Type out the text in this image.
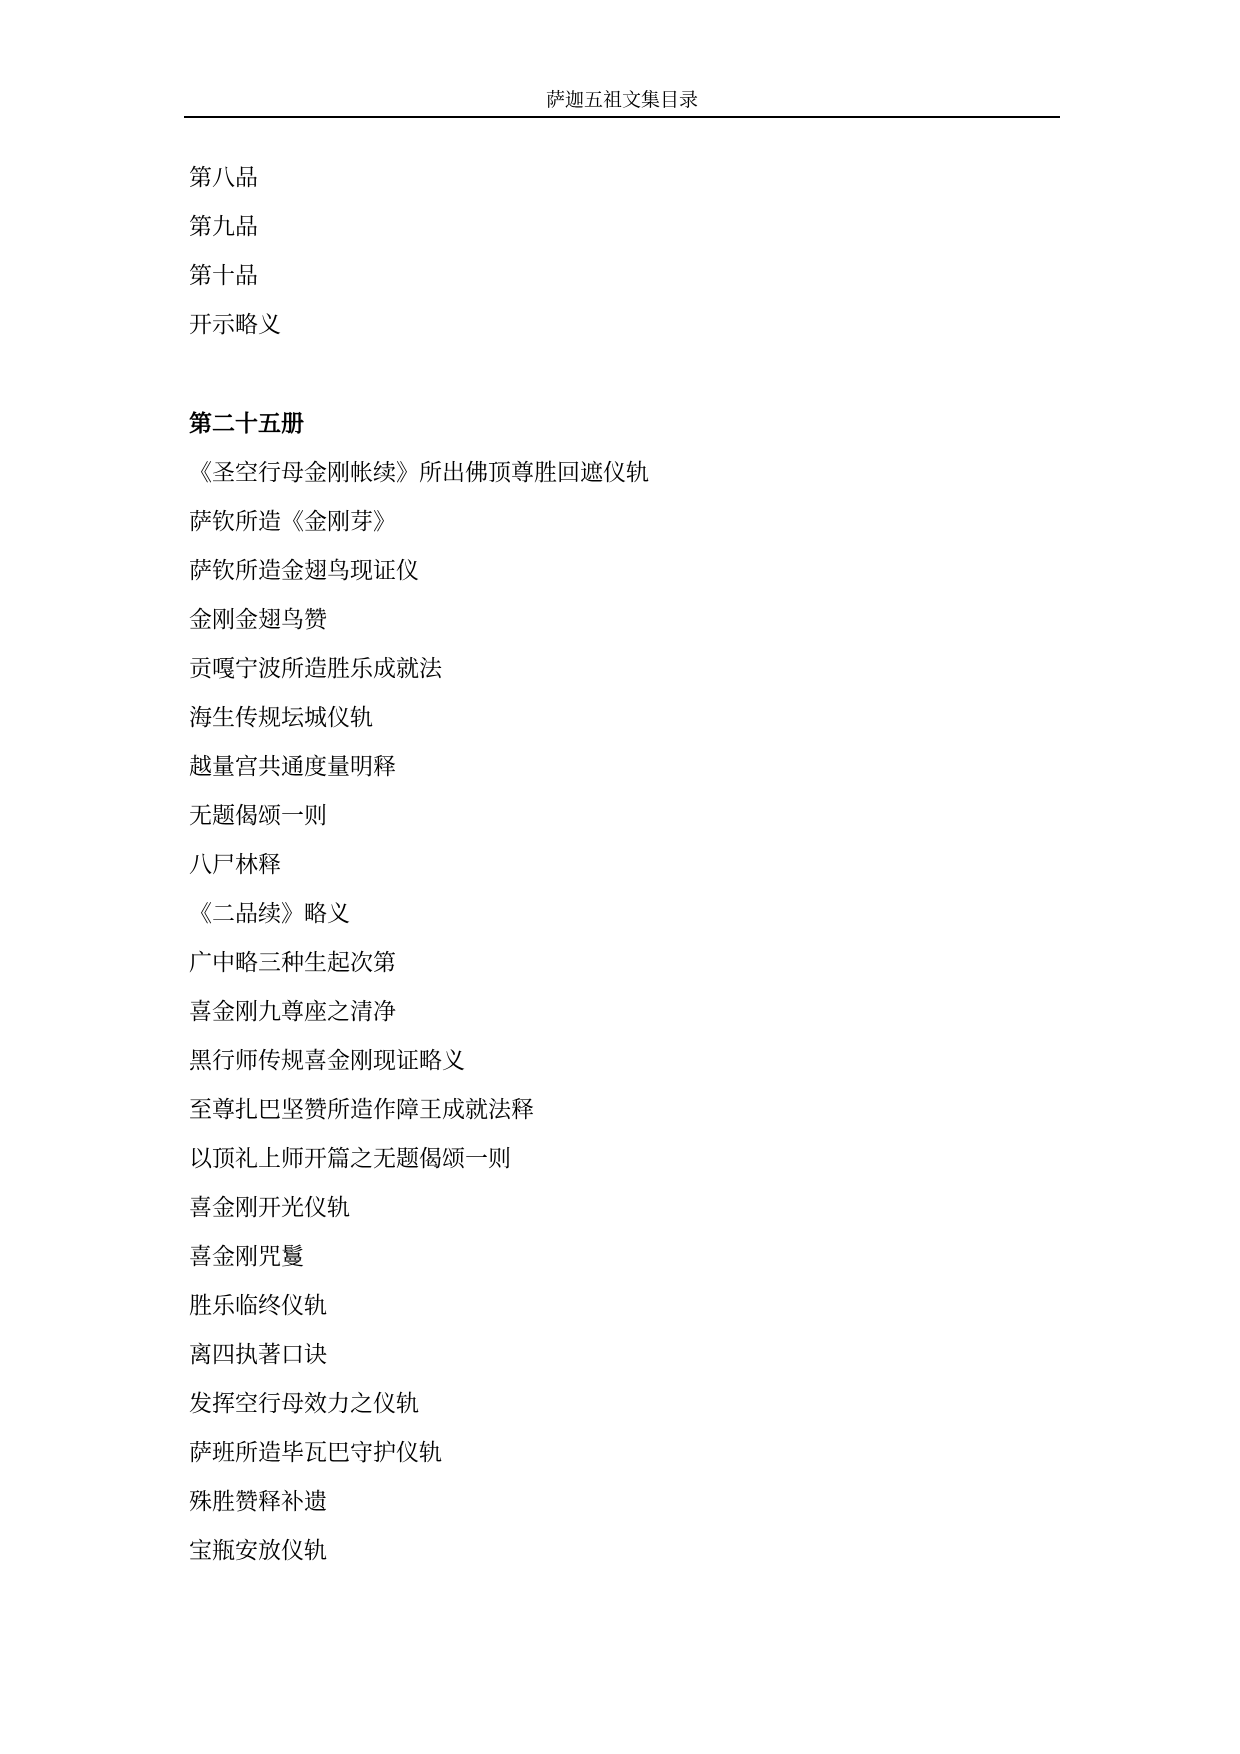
萨迦五祖文集目录
第八品
第九品
第十品
开示略义
第二十五册
《圣空行母金刚帐续》所出佛顶尊胜回遮仪轨
萨钦所造《金刚芽》
萨钦所造金翅鸟现证仪
金刚金翅鸟赞
贡嘎宁波所造胜乐成就法
海生传规坛城仪轨
越量宫共通度量明释
无题偈颂一则
八尸林释
《二品续》略义
广中略三种生起次第
喜金刚九尊座之清净
黑行师传规喜金刚现证略义
至尊扎巴坚赞所造作障王成就法释
以顶礼上师开篇之无题偈颂一则
喜金刚开光仪轨
喜金刚咒鬘
胜乐临终仪轨
离四执著口诀
发挥空行母效力之仪轨
萨班所造毕瓦巴守护仪轨
殊胜赞释补遗
宝瓶安放仪轨
